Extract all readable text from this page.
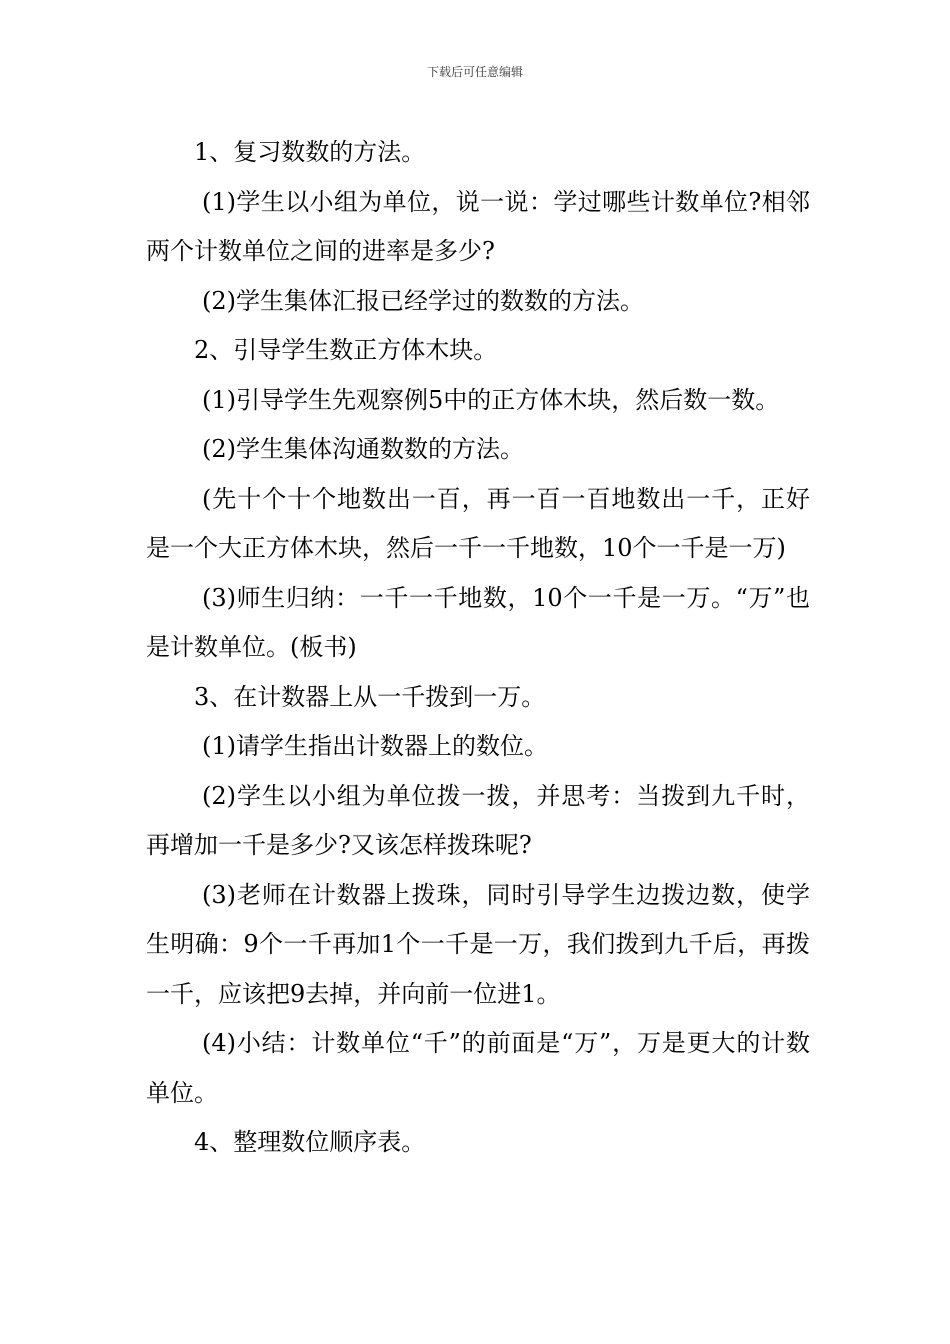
下载后可任意编辑

1、复习数数的方法。

(1)学生以小组为单位，说一说：学过哪些计数单位?相邻两个计数单位之间的进率是多少?

(2)学生集体汇报已经学过的数数的方法。

2、引导学生数正方体木块。

(1)引导学生先观察例5中的正方体木块，然后数一数。

(2)学生集体沟通数数的方法。

(先十个十个地数出一百，再一百一百地数出一千，正好是一个大正方体木块，然后一千一千地数，10个一千是一万)

(3)师生归纳：一千一千地数，10个一千是一万。“万”也是计数单位。(板书)

3、在计数器上从一千拨到一万。

(1)请学生指出计数器上的数位。

(2)学生以小组为单位拨一拨，并思考：当拨到九千时，再增加一千是多少?又该怎样拨珠呢?

(3)老师在计数器上拨珠，同时引导学生边拨边数，使学生明确：9个一千再加1个一千是一万，我们拨到九千后，再拨一千，应该把9去掉，并向前一位进1。

(4)小结：计数单位“千”的前面是“万”，万是更大的计数单位。

4、整理数位顺序表。
